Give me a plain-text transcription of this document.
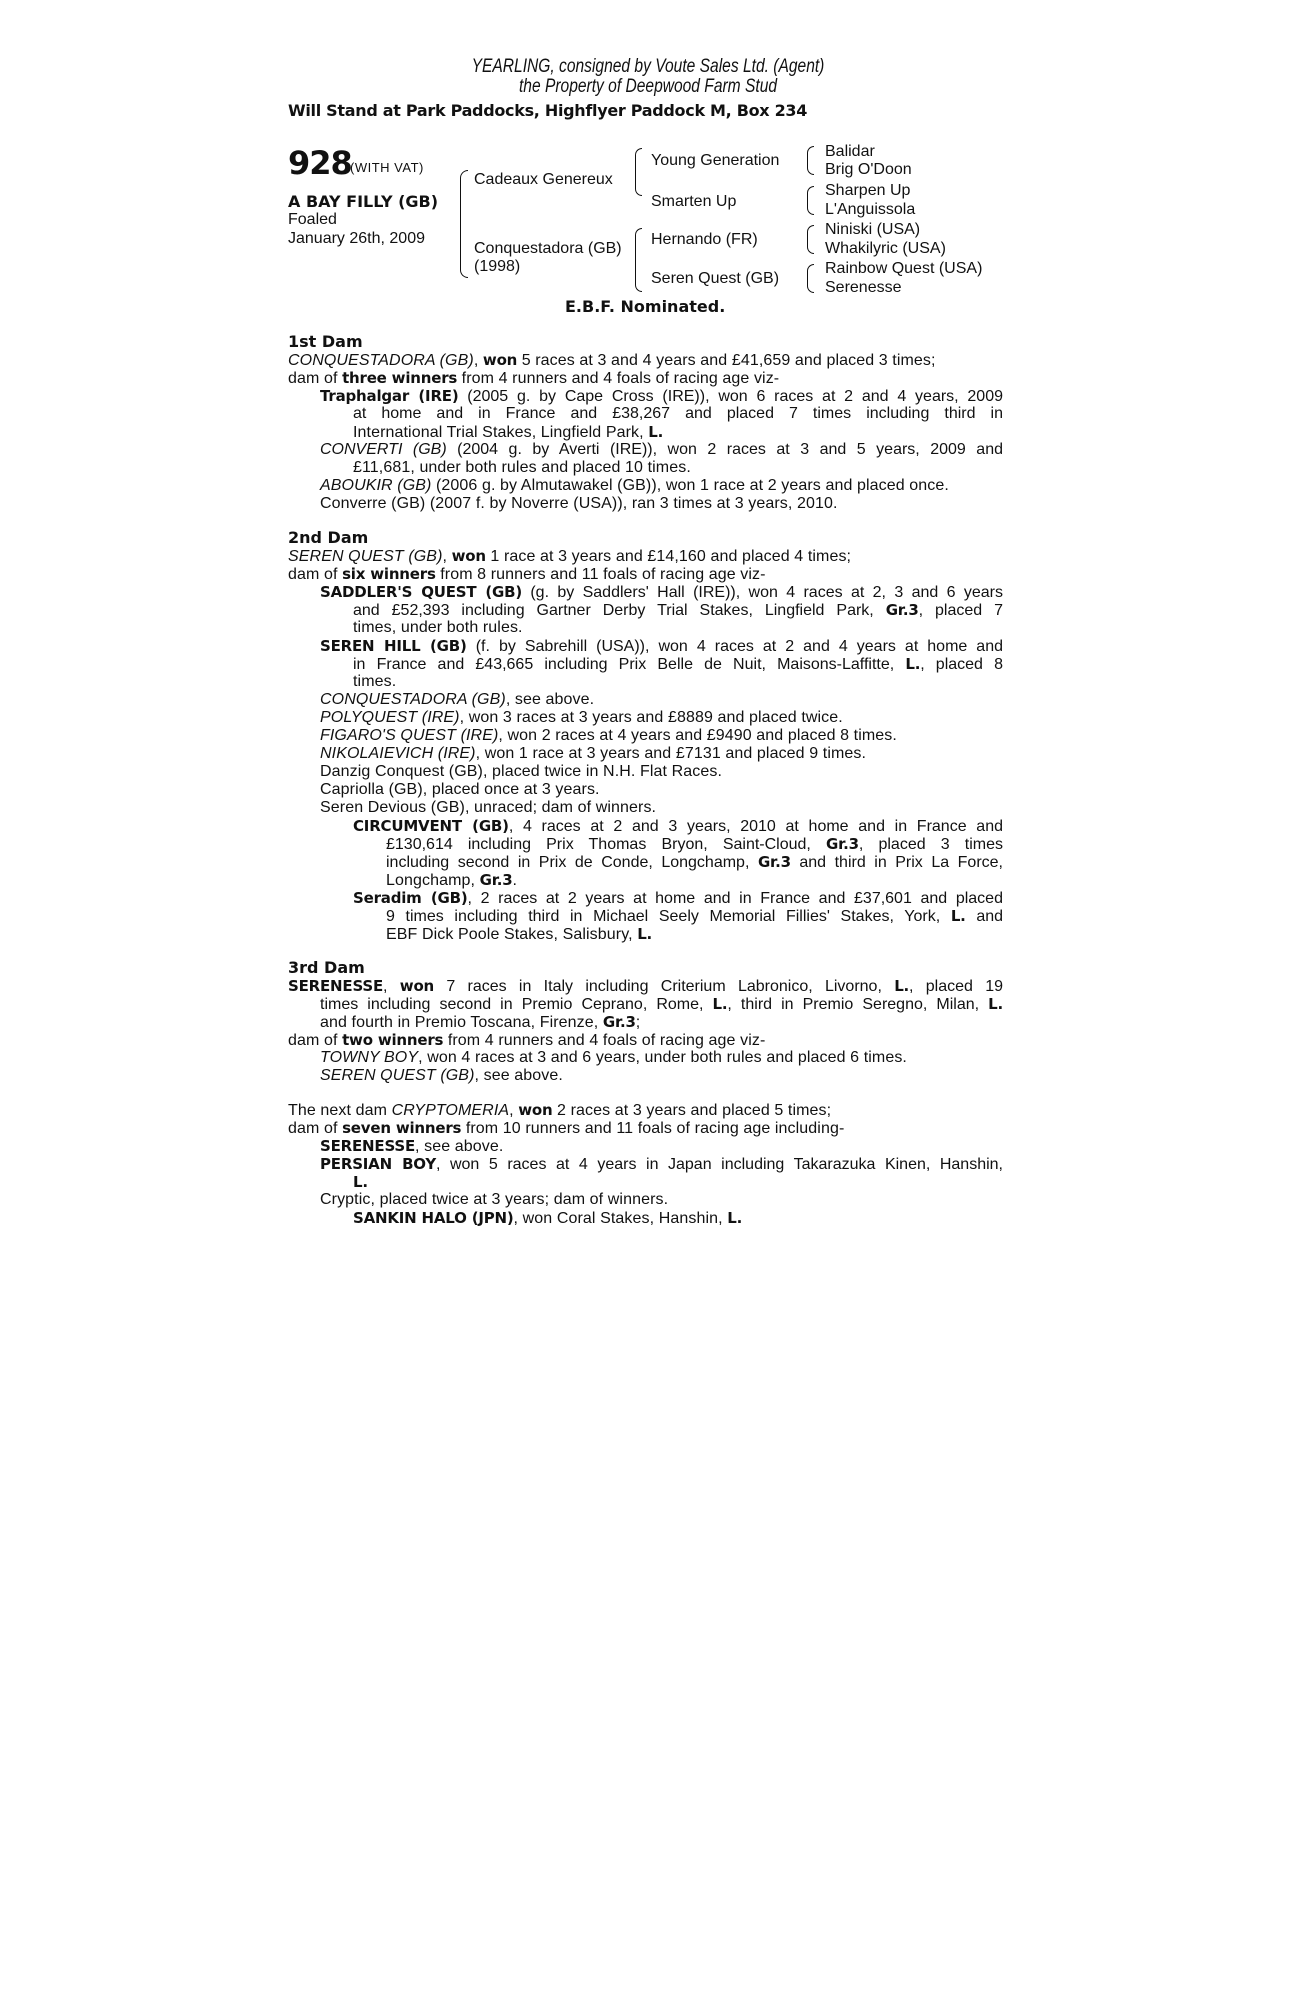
YEARLING, consigned by Voute Sales Ltd. (Agent)
the Property of Deepwood Farm Stud
Will Stand at Park Paddocks, Highflyer Paddock M, Box 234
928
(WITH VAT)
A BAY FILLY (GB)
Foaled
January 26th, 2009
Cadeaux Genereux
Conquestadora (GB)
(1998)
Young Generation
Smarten Up
Hernando (FR)
Seren Quest (GB)
Balidar
Brig O'Doon
Sharpen Up
L'Anguissola
Niniski (USA)
Whakilyric (USA)
Rainbow Quest (USA)
Serenesse
E.B.F. Nominated.
1st Dam
CONQUESTADORA (GB), won 5 races at 3 and 4 years and £41,659 and placed 3 times;
dam of three winners from 4 runners and 4 foals of racing age viz-
Traphalgar (IRE) (2005 g. by Cape Cross (IRE)), won 6 races at 2 and 4 years, 2009
at home and in France and £38,267 and placed 7 times including third in
International Trial Stakes, Lingfield Park, L.
CONVERTI (GB) (2004 g. by Averti (IRE)), won 2 races at 3 and 5 years, 2009 and
£11,681, under both rules and placed 10 times.
ABOUKIR (GB) (2006 g. by Almutawakel (GB)), won 1 race at 2 years and placed once.
Converre (GB) (2007 f. by Noverre (USA)), ran 3 times at 3 years, 2010.
2nd Dam
SEREN QUEST (GB), won 1 race at 3 years and £14,160 and placed 4 times;
dam of six winners from 8 runners and 11 foals of racing age viz-
SADDLER'S QUEST (GB) (g. by Saddlers' Hall (IRE)), won 4 races at 2, 3 and 6 years
and £52,393 including Gartner Derby Trial Stakes, Lingfield Park, Gr.3, placed 7
times, under both rules.
SEREN HILL (GB) (f. by Sabrehill (USA)), won 4 races at 2 and 4 years at home and
in France and £43,665 including Prix Belle de Nuit, Maisons-Laffitte, L., placed 8
times.
CONQUESTADORA (GB), see above.
POLYQUEST (IRE), won 3 races at 3 years and £8889 and placed twice.
FIGARO'S QUEST (IRE), won 2 races at 4 years and £9490 and placed 8 times.
NIKOLAIEVICH (IRE), won 1 race at 3 years and £7131 and placed 9 times.
Danzig Conquest (GB), placed twice in N.H. Flat Races.
Capriolla (GB), placed once at 3 years.
Seren Devious (GB), unraced; dam of winners.
CIRCUMVENT (GB), 4 races at 2 and 3 years, 2010 at home and in France and
£130,614 including Prix Thomas Bryon, Saint-Cloud, Gr.3, placed 3 times
including second in Prix de Conde, Longchamp, Gr.3 and third in Prix La Force,
Longchamp, Gr.3.
Seradim (GB), 2 races at 2 years at home and in France and £37,601 and placed
9 times including third in Michael Seely Memorial Fillies' Stakes, York, L. and
EBF Dick Poole Stakes, Salisbury, L.
3rd Dam
SERENESSE, won 7 races in Italy including Criterium Labronico, Livorno, L., placed 19
times including second in Premio Ceprano, Rome, L., third in Premio Seregno, Milan, L.
and fourth in Premio Toscana, Firenze, Gr.3;
dam of two winners from 4 runners and 4 foals of racing age viz-
TOWNY BOY, won 4 races at 3 and 6 years, under both rules and placed 6 times.
SEREN QUEST (GB), see above.
The next dam CRYPTOMERIA, won 2 races at 3 years and placed 5 times;
dam of seven winners from 10 runners and 11 foals of racing age including-
SERENESSE, see above.
PERSIAN BOY, won 5 races at 4 years in Japan including Takarazuka Kinen, Hanshin,
L.
Cryptic, placed twice at 3 years; dam of winners.
SANKIN HALO (JPN), won Coral Stakes, Hanshin, L.
